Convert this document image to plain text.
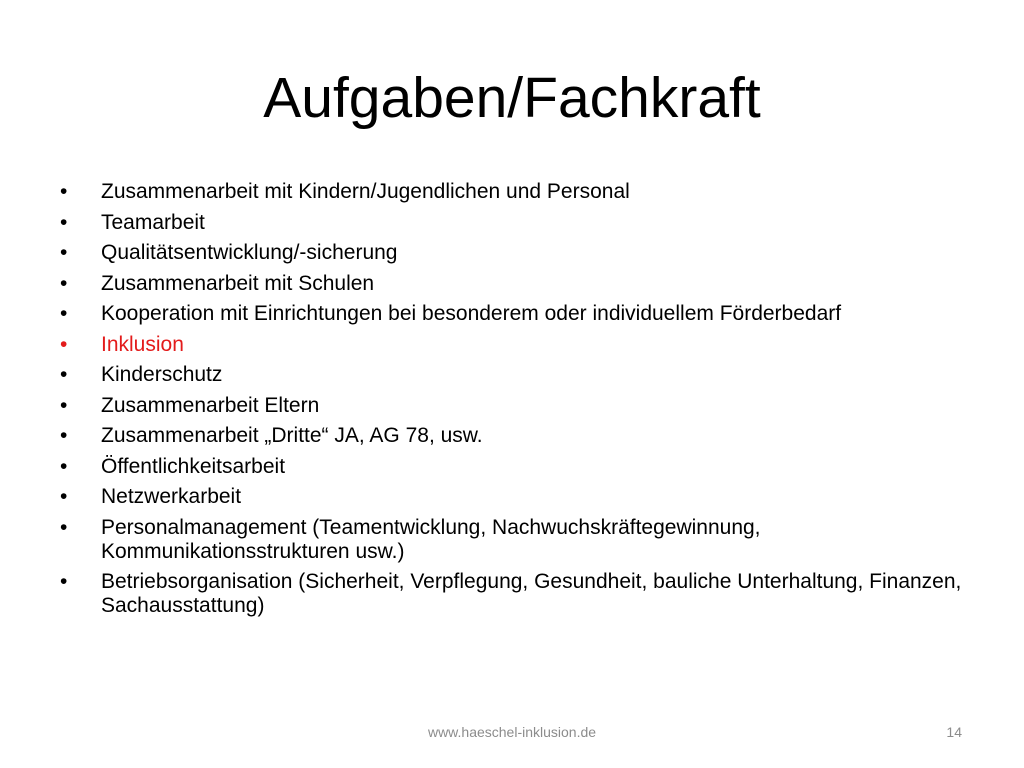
Aufgaben/Fachkraft
•	Zusammenarbeit mit Kindern/Jugendlichen und Personal
•	Teamarbeit
•	Qualitätsentwicklung/-sicherung
•	Zusammenarbeit mit Schulen
•	Kooperation mit Einrichtungen bei besonderem oder individuellem Förderbedarf
•	Inklusion
•	Kinderschutz
•	Zusammenarbeit Eltern
•	Zusammenarbeit „Dritte“ JA, AG 78, usw.
•	Öffentlichkeitsarbeit
•	Netzwerkarbeit
•	Personalmanagement (Teamentwicklung, Nachwuchskräftegewinnung, Kommunikationsstrukturen usw.)
•	Betriebsorganisation (Sicherheit, Verpflegung, Gesundheit, bauliche Unterhaltung, Finanzen, Sachausstattung)
www.haeschel-inklusion.de	14
